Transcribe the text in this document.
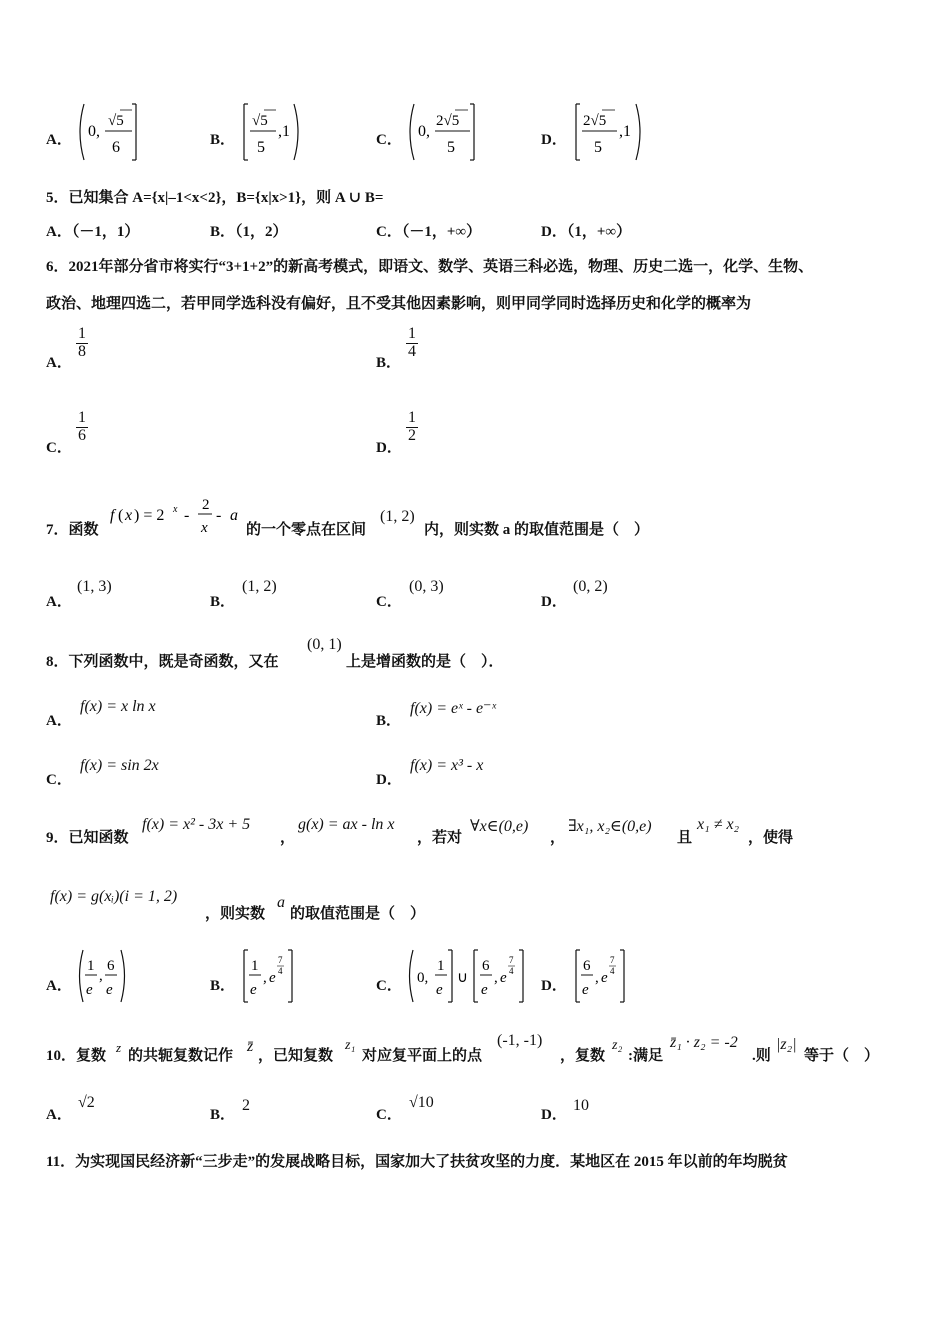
A． 0,
√5
6	B．
√5
5
,1	C． 0,
2√5
5	D．
2√5
5
,1
5．已知集合 A={x|–1<x<2}，B={x|x>1}，则 A ∪ B=
A．（－1，1）	B．（1，2）	C．（－1，+∞）	D．（1，+∞）
6．2021年部分省市将实行“3+1+2”的新高考模式，即语文、数学、英语三科必选，物理、历史二选一，化学、生物、
政治、地理四选二，若甲同学选科没有偏好，且不受其他因素影响，则甲同学同时选择历史和化学的概率为
A．
$\frac{1}{8}$
B．
$\frac{1}{4}$
C．
$\frac{1}{6}$
D．
$\frac{1}{2}$
7．函数
f ( x ) = 2 x -
2
x
- a
的一个零点在区间
(1, 2)
内，则实数 a 的取值范围是（　）
A．
(1, 3)
B．
(1, 2)
C．
(0, 3)
D．
(0, 2)
8．下列函数中，既是奇函数，又在
(0, 1)
上是增函数的是（　）．
A．
f(x) = x ln x
B．
f(x) = eˣ - e⁻ˣ
C．
f(x) = sin 2x
D．
f(x) = x³ - x
9．已知函数
f(x) = x² - 3x + 5
，
g(x) = ax - ln x
，若对
∀x∈(0,e)
，
∃x₁, x₂∈(0,e)
且
x₁ ≠ x₂
，使得
f(x) = g(xᵢ)(i = 1, 2)
，则实数
a
的取值范围是（　）
A．
1
e
,
6
e	B．
1
e
, e
7
4
C． 0,
1
e
∪
6
e
, e
7
4
D．
6
e
, e
7
4
10．复数
z
的共轭复数记作
z̄
，已知复数
z₁
对应复平面上的点
(-1, -1)
，复数
z₂
:满足
z̄₁ · z₂ = -2
.则
|z₂|
等于（　）
A．
√2
B．
2
C．
√10
D．
10
11．为实现国民经济新“三步走”的发展战略目标，国家加大了扶贫攻坚的力度．某地区在 2015 年以前的年均脱贫
